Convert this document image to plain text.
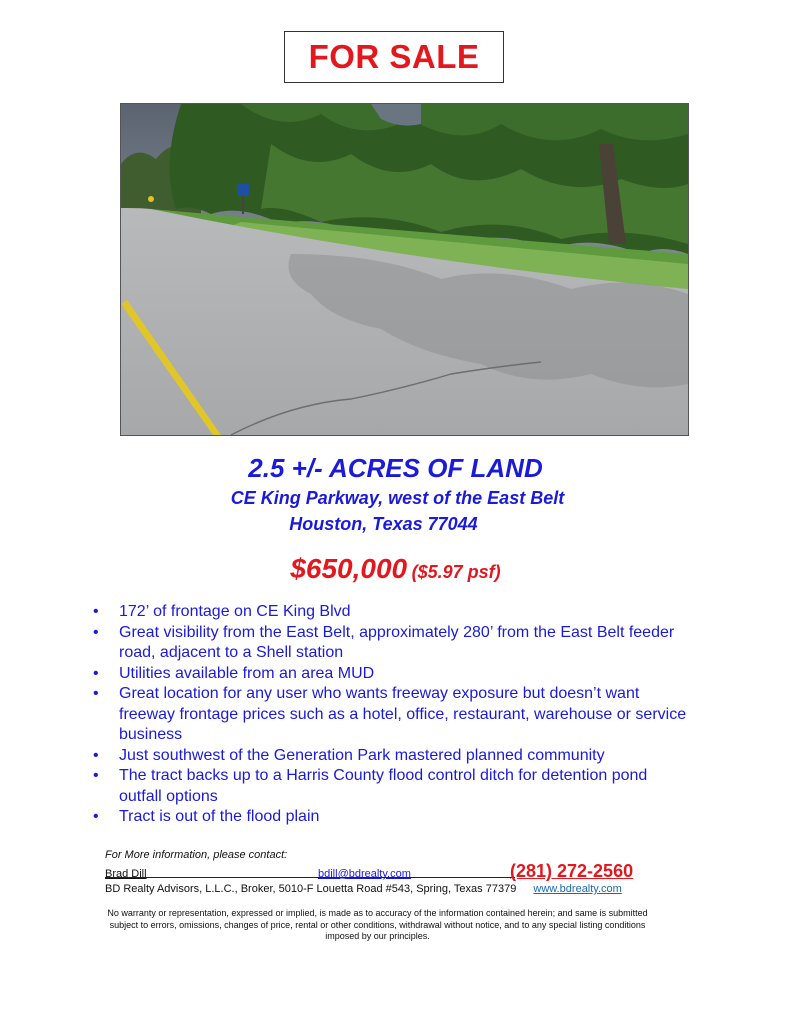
FOR SALE
2.5 +/- ACRES OF LAND
CE King Parkway, west of the East Belt
Houston, Texas 77044
$650,000 ($5.97 psf)
• 172’ of frontage on CE King Blvd
• Great visibility from the East Belt, approximately 280’ from the East Belt feeder road, adjacent to a Shell station
• Utilities available from an area MUD
• Great location for any user who wants freeway exposure but doesn’t want freeway frontage prices such as a hotel, office, restaurant, warehouse or service business
• Just southwest of the Generation Park mastered planned community
• The tract backs up to a Harris County flood control ditch for detention pond outfall options
• Tract is out of the flood plain
For More information, please contact:
Brad Dill	bdill@bdrealty.com	(281) 272-2560
BD Realty Advisors, L.L.C., Broker, 5010-F Louetta Road #543, Spring, Texas 77379 www.bdrealty.com
No warranty or representation, expressed or implied, is made as to accuracy of the information contained herein; and same is submitted subject to errors, omissions, changes of price, rental or other conditions, withdrawal without notice, and to any special listing conditions imposed by our principles.
